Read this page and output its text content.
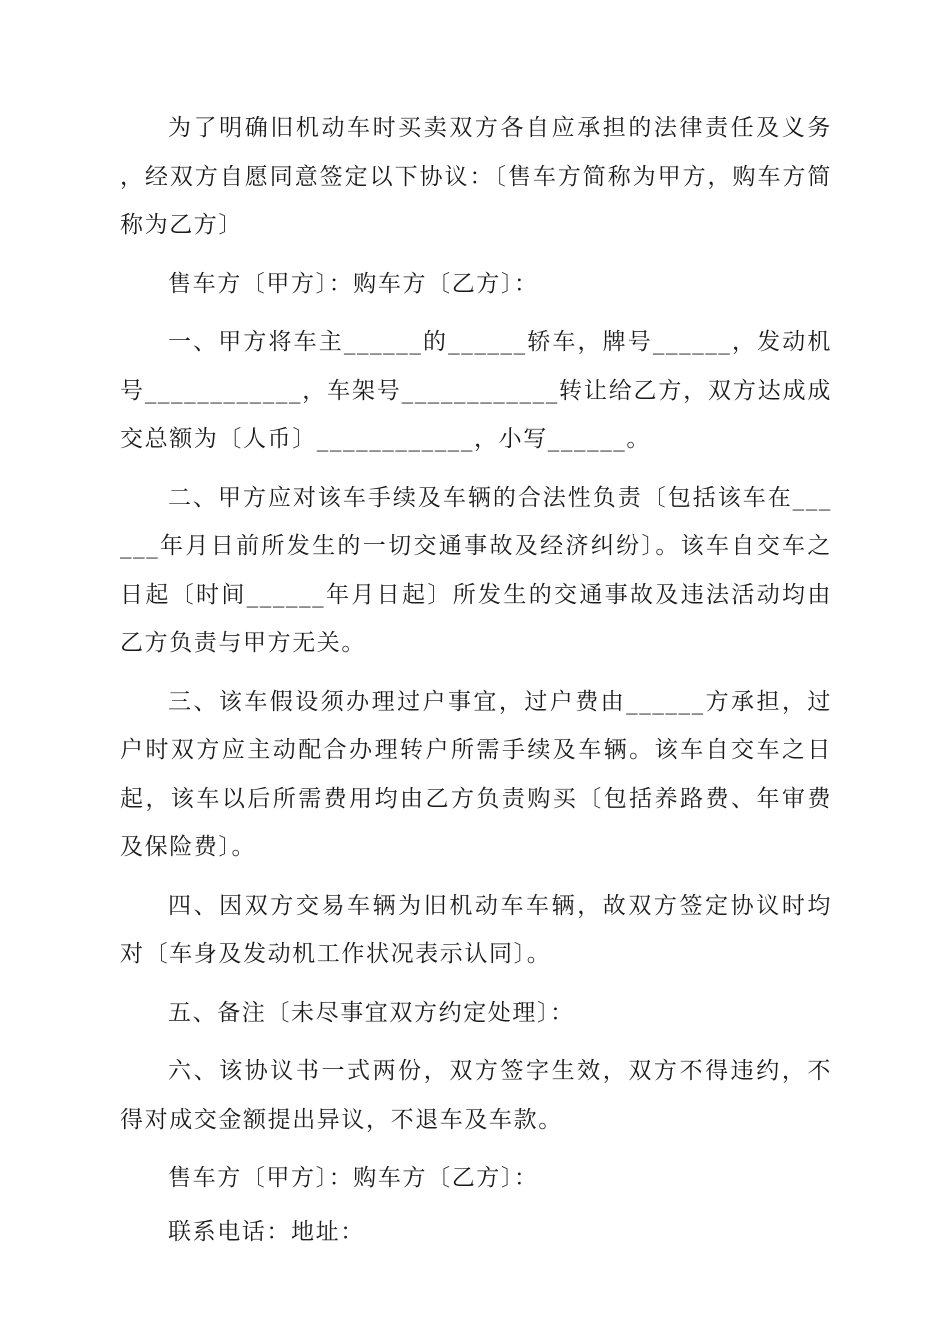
为了明确旧机动车时买卖双方各自应承担的法律责任及义务，经双方自愿同意签定以下协议：〔售车方简称为甲方，购车方简称为乙方〕

售车方〔甲方〕：购车方〔乙方〕：

一、甲方将车主______的______轿车，牌号______，发动机号____________，车架号____________转让给乙方，双方达成成交总额为〔人币〕____________，小写______。

二、甲方应对该车手续及车辆的合法性负责〔包括该车在______年月日前所发生的一切交通事故及经济纠纷〕。该车自交车之日起〔时间______年月日起〕所发生的交通事故及违法活动均由乙方负责与甲方无关。

三、该车假设须办理过户事宜，过户费由______方承担，过户时双方应主动配合办理转户所需手续及车辆。该车自交车之日起，该车以后所需费用均由乙方负责购买〔包括养路费、年审费及保险费〕。

四、因双方交易车辆为旧机动车车辆，故双方签定协议时均对〔车身及发动机工作状况表示认同〕。

五、备注〔未尽事宜双方约定处理〕：

六、该协议书一式两份，双方签字生效，双方不得违约，不得对成交金额提出异议，不退车及车款。

售车方〔甲方〕：购车方〔乙方〕：

联系电话：地址：
